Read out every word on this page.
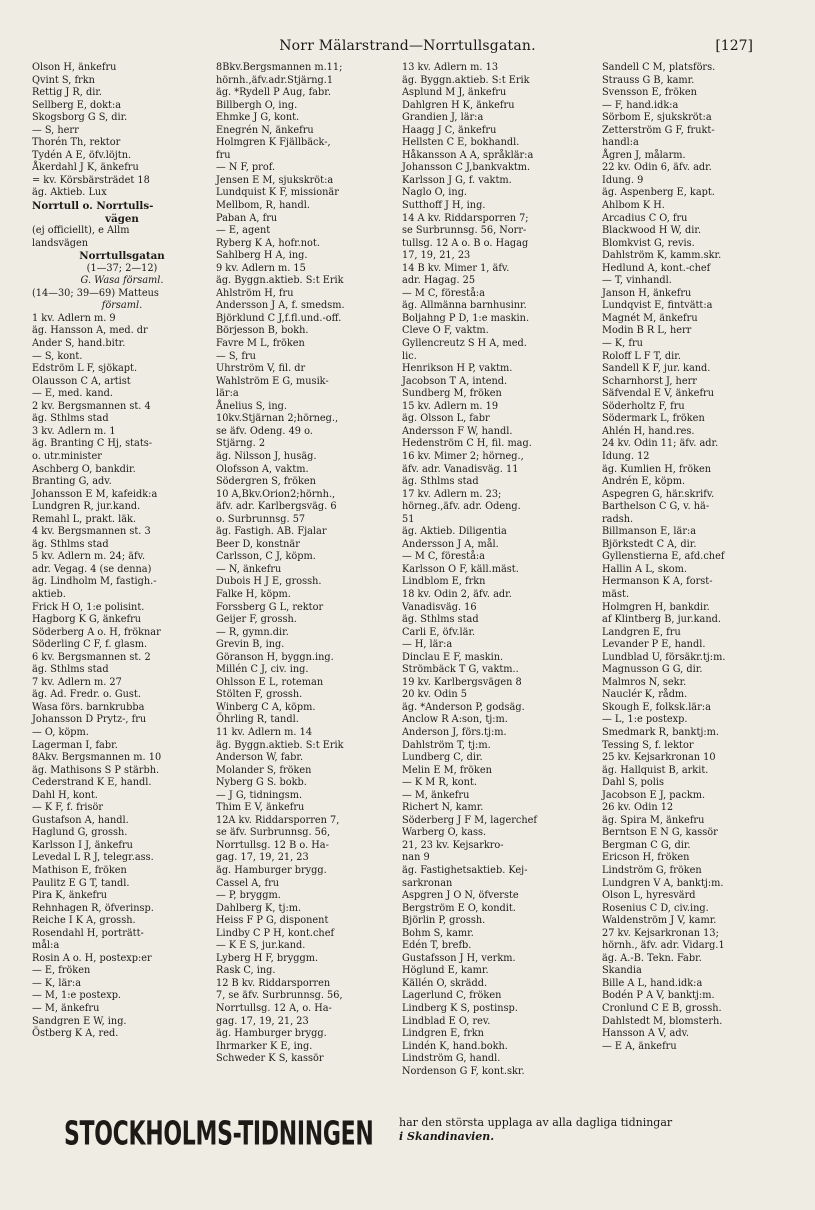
Norr Mälarstrand—Norrtullsgatan.	[127]
Olson H, änkefru
Qvint S, frkn
Rettig J R, dir.
Sellberg E, dokt:a
Skogsborg G S, dir.
— S, herr
Thorén Th, rektor
Tydén A E, öfv.löjtn.
Åkerdahl J K, änkefru
= kv. Körsbärsträdet 18
äg. Aktieb. Lux
Norrtull o. Norrtulls-
vägen
(ej officiellt), e Allm
landsvägen
Norrtullsgatan
(1—37; 2—12)
G. Wasa församl.
(14—30; 39—69) Matteus
församl.
1 kv. Adlern m. 9
äg. Hansson A, med. dr
Ander S, hand.bitr.
— S, kont.
Edström L F, sjökapt.
Olausson C A, artist
— E, med. kand.
2 kv. Bergsmannen st. 4
äg. Sthlms stad
3 kv. Adlern m. 1
äg. Branting C Hj, stats-
o. utr.minister
Aschberg O, bankdir.
Branting G, adv.
Johansson E M, kafeidk:a
Lundgren R, jur.kand.
Remahl L, prakt. läk.
4 kv. Bergsmannen st. 3
äg. Sthlms stad
5 kv. Adlern m. 24; äfv.
adr. Vegag. 4 (se denna)
äg. Lindholm M, fastigh.-
aktieb.
Frick H O, 1:e polisint.
Hagborg K G, änkefru
Söderberg A o. H, fröknar
Söderling C F, f. glasm.
6 kv. Bergsmannen st. 2
äg. Sthlms stad
7 kv. Adlern m. 27
äg. Ad. Fredr. o. Gust.
Wasa förs. barnkrubba
Johansson D Prytz-, fru
— O, köpm.
Lagerman I, fabr.
8Akv. Bergsmannen m. 10
äg. Mathisons S P stärbh.
Cederstrand K E, handl.
Dahl H, kont.
— K F, f. frisör
Gustafson A, handl.
Haglund G, grossh.
Karlsson I J, änkefru
Levedal L R J, telegr.ass.
Mathison E, fröken
Paulitz E G T, tandl.
Pira K, änkefru
Rehnhagen R, öfverinsp.
Reiche I K A, grossh.
Rosendahl H, porträtt-
mål:a
Rosin A o. H, postexp:er
— E, fröken
— K, lär:a
— M, 1:e postexp.
— M, änkefru
Sandgren E W, ing.
Östberg K A, red.
8Bkv.Bergsmannen m.11;
hörnh.,äfv.adr.Stjärng.1
äg. *Rydell P Aug, fabr.
Billbergh O, ing.
Ehmke J G, kont.
Enegrén N, änkefru
Holmgren K Fjällbäck-,
fru
— N F, prof.
Jensen E M, sjukskröt:a
Lundquist K F, missionär
Mellbom, R, handl.
Paban A, fru
— E, agent
Ryberg K A, hofr.not.
Sahlberg H A, ing.
9 kv. Adlern m. 15
äg. Byggn.aktieb. S:t Erik
Ahlström H, fru
Andersson J A, f. smedsm.
Björklund C J,f.fl.und.-off.
Börjesson B, bokh.
Favre M L, fröken
— S, fru
Uhrström V, fil. dr
Wahlström E G, musik-
lär:a
Ånelius S, ing.
10kv.Stjärnan 2;hörneg.,
se äfv. Odeng. 49 o.
Stjärng. 2
äg. Nilsson J, husäg.
Olofsson A, vaktm.
Södergren S, fröken
10 A,Bkv.Orion2;hörnh.,
äfv. adr. Karlbergsväg. 6
o. Surbrunnsg. 57
äg. Fastigh. AB. Fjalar
Beer D, konstnär
Carlsson, C J, köpm.
— N, änkefru
Dubois H J E, grossh.
Falke H, köpm.
Forssberg G L, rektor
Geijer F, grossh.
— R, gymn.dir.
Grevin B, ing.
Göranson H, byggn.ing.
Millén C J, civ. ing.
Ohlsson E L, roteman
Stölten F, grossh.
Winberg C A, köpm.
Öhrling R, tandl.
11 kv. Adlern m. 14
äg. Byggn.aktieb. S:t Erik
Anderson W, fabr.
Molander S, fröken
Nyberg G S. bokb.
— J G, tidningsm.
Thim E V, änkefru
12A kv. Riddarsporren 7,
se äfv. Surbrunnsg. 56,
Norrtullsg. 12 B o. Ha-
gag. 17, 19, 21, 23
äg. Hamburger brygg.
Cassel A, fru
— P, bryggm.
Dahlberg K, tj:m.
Heiss F P G, disponent
Lindby C P H, kont.chef
— K E S, jur.kand.
Lyberg H F, bryggm.
Rask C, ing.
12 B kv. Riddarsporren
7, se äfv. Surbrunnsg. 56,
Norrtullsg. 12 A, o. Ha-
gag. 17, 19, 21, 23
äg. Hamburger brygg.
Ihrmarker K E, ing.
Schweder K S, kassör
13 kv. Adlern m. 13
äg. Byggn.aktieb. S:t Erik
Asplund M J, änkefru
Dahlgren H K, änkefru
Grandien J, lär:a
Haagg J C, änkefru
Hellsten C E, bokhandl.
Håkansson A A, språklär:a
Johansson C J,bankvaktm.
Karlsson J G, f. vaktm.
Naglo O, ing.
Sutthoff J H, ing.
14 A kv. Riddarsporren 7;
se Surbrunnsg. 56, Norr-
tullsg. 12 A o. B o. Hagag
17, 19, 21, 23
14 B kv. Mimer 1, äfv.
adr. Hagag. 25
— M C, förestå:a
äg. Allmänna barnhusinr.
Boljahng P D, 1:e maskin.
Cleve O F, vaktm.
Gyllencreutz S H A, med.
lic.
Henrikson H P, vaktm.
Jacobson T A, intend.
Sundberg M, fröken
15 kv. Adlern m. 19
äg. Olsson L, fabr
Andersson F W, handl.
Hedenström C H, fil. mag.
16 kv. Mimer 2; hörneg.,
äfv. adr. Vanadisväg. 11
äg. Sthlms stad
17 kv. Adlern m. 23;
hörneg.,äfv. adr. Odeng.
51
äg. Aktieb. Diligentia
Andersson J A, mål.
— M C, förestå:a
Karlsson O F, käll.mäst.
Lindblom E, frkn
18 kv. Odin 2, äfv. adr.
Vanadisväg. 16
äg. Sthlms stad
Carli E, öfv.lär.
— H, lär:a
Dinclau E F, maskin.
Strömbäck T G, vaktm..
19 kv. Karlbergsvägen 8
20 kv. Odin 5
äg. *Anderson P, godsäg.
Anclow R A:son, tj:m.
Anderson J, förs.tj:m.
Dahlström T, tj:m.
Lundberg C, dir.
Melin E M, fröken
— K M R, kont.
— M, änkefru
Richert N, kamr.
Söderberg J F M, lagerchef
Warberg O, kass.
21, 23 kv. Kejsarkro-
nan 9
äg. Fastighetsaktieb. Kej-
sarkronan
Aspgren J O N, öfverste
Bergström E O, kondit.
Björlin P, grossh.
Bohm S, kamr.
Edén T, brefb.
Gustafsson J H, verkm.
Höglund E, kamr.
Källén O, skrädd.
Lagerlund C, fröken
Lindberg K S, postinsp.
Lindblad E O, rev.
Lindgren E, frkn
Lindén K, hand.bokh.
Lindström G, handl.
Nordenson G F, kont.skr.
Sandell C M, platsförs.
Strauss G B, kamr.
Svensson E, fröken
— F, hand.idk:a
Sörbom E, sjukskröt:a
Zetterström G F, frukt-
handl:a
Ågren J, målarm.
22 kv. Odin 6, äfv. adr.
Idung. 9
äg. Aspenberg E, kapt.
Ahlbom K H.
Arcadius C O, fru
Blackwood H W, dir.
Blomkvist G, revis.
Dahlström K, kamm.skr.
Hedlund A, kont.-chef
— T, vinhandl.
Janson H, änkefru
Lundqvist E, fintvätt:a
Magnét M, änkefru
Modin B R L, herr
— K, fru
Roloff L F T, dir.
Sandell K F, jur. kand.
Scharnhorst J, herr
Säfvendal E V, änkefru
Söderholtz F, fru
Södermark L, fröken
Ahlén H, hand.res.
24 kv. Odin 11; äfv. adr.
Idung. 12
äg. Kumlien H, fröken
Andrén E, köpm.
Aspegren G, här.skrifv.
Barthelson C G, v. hä-
radsh.
Billmanson E, lär:a
Björkstedt C A, dir.
Gyllenstierna E, afd.chef
Hallin A L, skom.
Hermanson K A, forst-
mäst.
Holmgren H, bankdir.
af Klintberg B, jur.kand.
Landgren E, fru
Levander P E, handl.
Lundblad U, försäkr.tj:m.
Magnusson G G, dir.
Malmros N, sekr.
Nauclér K, rådm.
Skough E, folksk.lär:a
— L, 1:e postexp.
Smedmark R, banktj:m.
Tessing S, f. lektor
25 kv. Kejsarkronan 10
äg. Hallquist B, arkit.
Dahl S, polis
Jacobson E J, packm.
26 kv. Odin 12
äg. Spira M, änkefru
Berntson E N G, kassör
Bergman C G, dir.
Ericson H, fröken
Lindström G, fröken
Lundgren V A, banktj:m.
Olson L, hyresvärd
Rosenius C D, civ.ing.
Waldenström J V, kamr.
27 kv. Kejsarkronan 13;
hörnh., äfv. adr. Vidarg.1
äg. A.-B. Tekn. Fabr.
Skandia
Bille A L, hand.idk:a
Bodén P A V, banktj:m.
Cronlund C E B, grossh.
Dahlstedt M, blomsterh.
Hansson A V, adv.
— E A, änkefru
STOCKHOLMS-TIDNINGEN har den största upplaga av alla dagliga tidningar
i Skandinavien.
